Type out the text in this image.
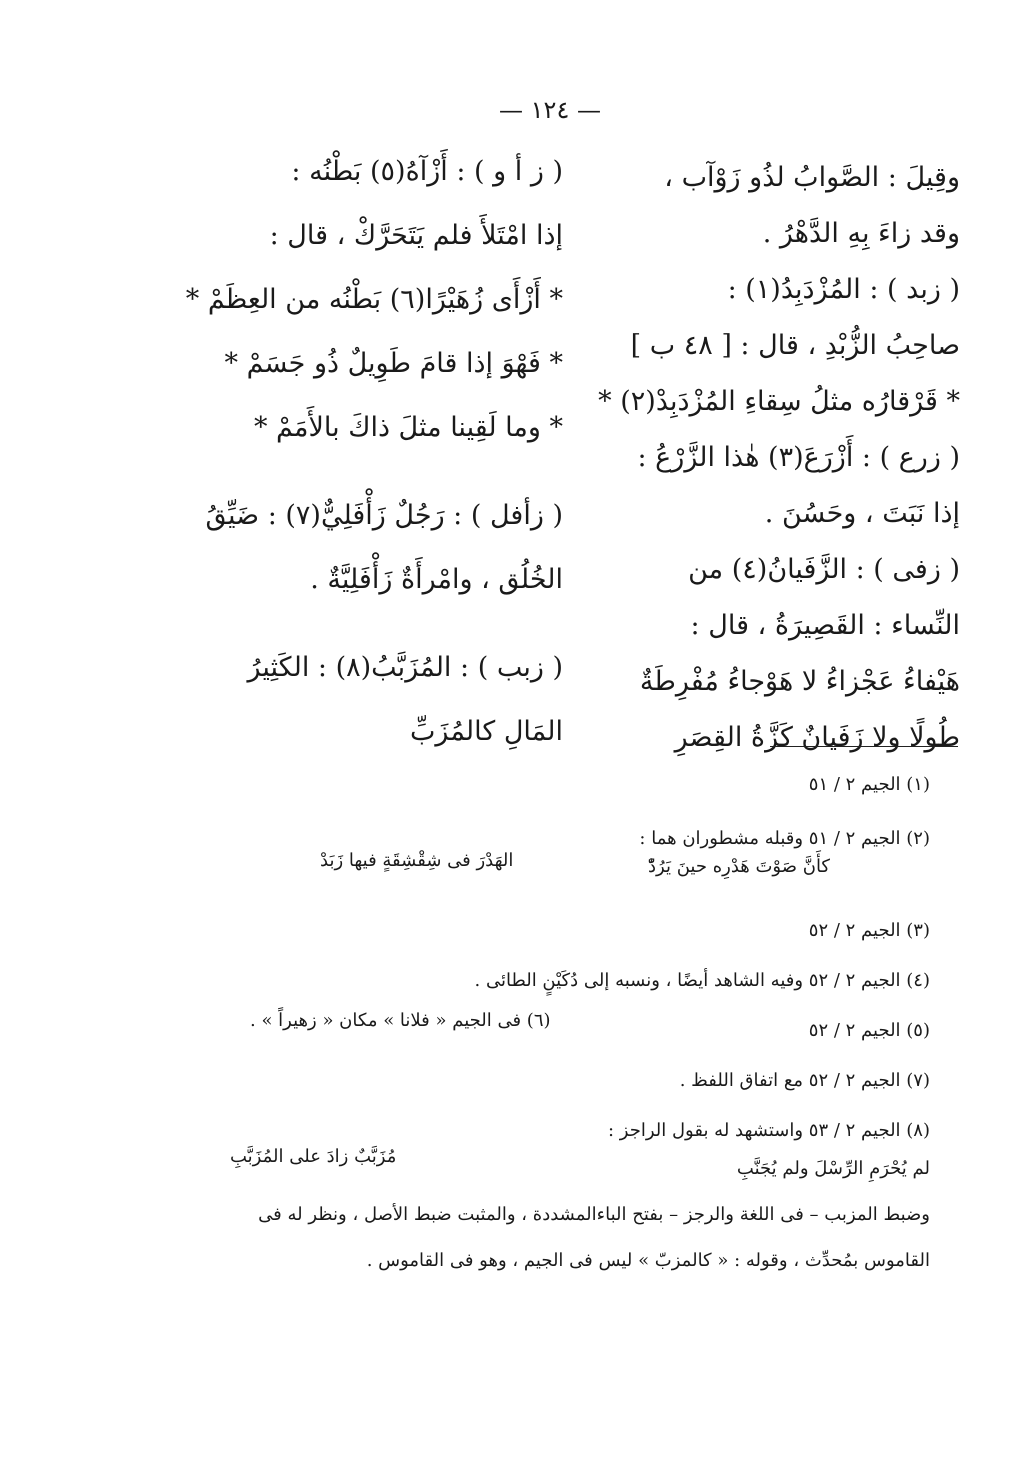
— ١٢٤ —
وقِيلَ : الصَّوابُ لذُو زَوْآب ،
وقد زاءَ بِهِ الدَّهْرُ .
( زبد ) : المُزْدَبِدُ(١) :
صاحِبُ الزُّبْدِ ، قال : [ ٤٨ ب ]
* قَرْقارُه مثلُ سِقاءِ المُزْدَبِدْ(٢) *
( زرع ) : أَزْرَعَ(٣) هٰذا الزَّرْعُ :
إذا نَبَتَ ، وحَسُنَ .
( زفى ) : الزَّفَيانُ(٤) من
النِّساء : القَصِيرَةُ ، قال :
هَيْفاءُ عَجْزاءُ لا هَوْجاءُ مُفْرِطَةٌ
طُولًا ولا زَفَيانٌ كَزَّةُ القِصَرِ
( ز أ و ) : أَزْآهُ(٥) بَطْنُه :
إذا امْتَلأَ فلم يَتَحَرَّكْ ، قال :
* أَزْأَى زُهَيْرًا(٦) بَطْنُه من العِظَمْ *
* فَهْوَ إذا قامَ طَوِيلٌ ذُو جَسَمْ *
* وما لَقِينا مثلَ ذاكَ بالأَمَمْ *
( زأفل ) : رَجُلٌ زَأْفَلِيٌّ(٧) : ضَيِّقُ
الخُلُق ، وامْرأَةٌ زَأْفَلِيَّةٌ .
( زبب ) : المُزَبَّبُ(٨) : الكَثِيرُ
المَالِ كالمُزَبِّ
(١) الجيم ٢ / ٥١
(٢) الجيم ٢ / ٥١ وقبله مشطوران هما :
كأَنَّ صَوْتَ هَدْرِه حينَ يَرُدّْ
الهَدْرَ فى شِقْشِقَةٍ فيها زَبَدْ
(٣) الجيم ٢ / ٥٢
(٤) الجيم ٢ / ٥٢ وفيه الشاهد أيضًا ، ونسبه إلى دُكَيْنٍ الطائى .
(٥) الجيم ٢ / ٥٢
(٦) فى الجيم « فلانا » مكان « زهيراً » .
(٧) الجيم ٢ / ٥٢ مع اتفاق اللفظ .
(٨) الجيم ٢ / ٥٣ واستشهد له بقول الراجز :
لم يُحْرَمِ الرِّسْلَ ولم يُجَنَّبِ
مُزَبَّبٌ زادَ على المُزَبَّبِ
وضبط المزبب – فى اللغة والرجز – بفتح الباءالمشددة ، والمثبت ضبط الأصل ، ونظر له فى
القاموس بمُحدِّث ، وقوله : « كالمزبّ » ليس فى الجيم ، وهو فى القاموس .
